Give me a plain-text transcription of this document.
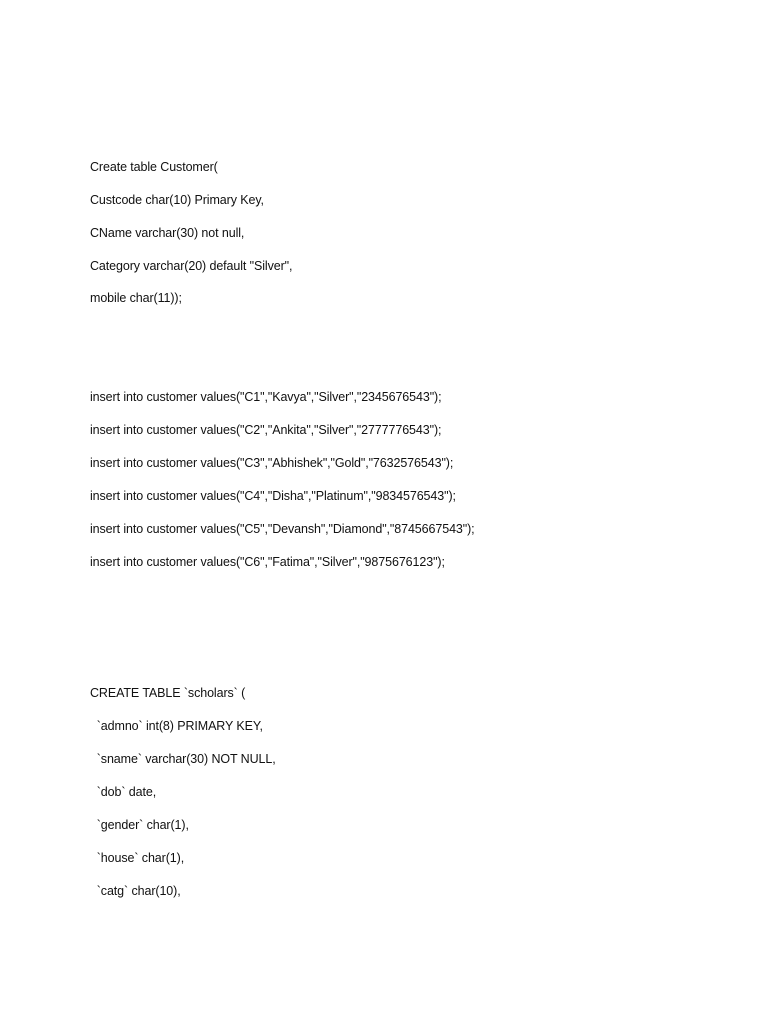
Create table Customer(
Custcode char(10) Primary Key,
CName varchar(30) not null,
Category varchar(20) default "Silver",
mobile char(11));
insert into customer values("C1","Kavya","Silver","2345676543");
insert into customer values("C2","Ankita","Silver","2777776543");
insert into customer values("C3","Abhishek","Gold","7632576543");
insert into customer values("C4","Disha","Platinum","9834576543");
insert into customer values("C5","Devansh","Diamond","8745667543");
insert into customer values("C6","Fatima","Silver","9875676123");
CREATE TABLE `scholars` (
`admno` int(8) PRIMARY KEY,
`sname` varchar(30) NOT NULL,
`dob` date,
`gender` char(1),
`house` char(1),
`catg` char(10),
